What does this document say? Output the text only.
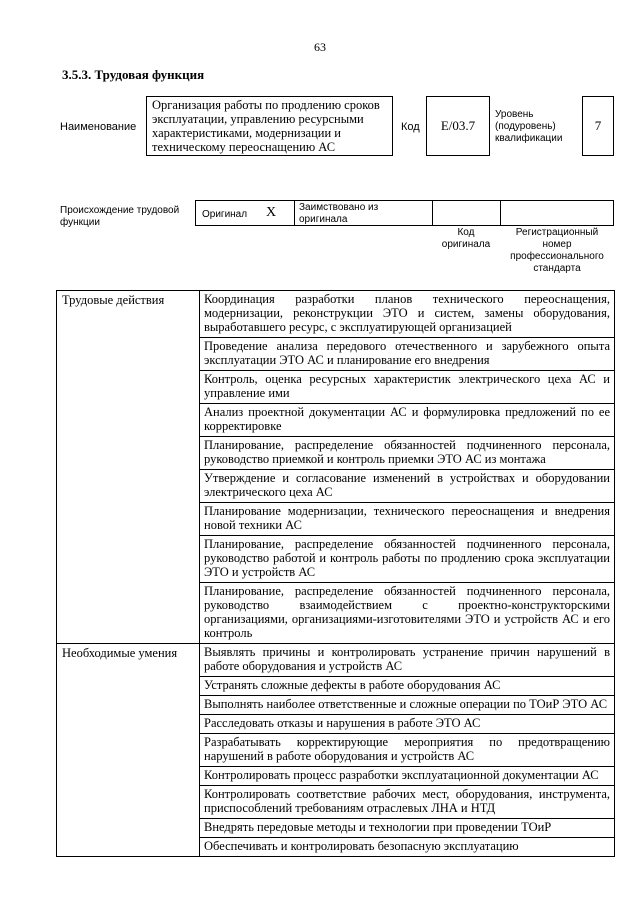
63
3.5.3. Трудовая функция
Наименование
Организация работы по продлению сроков
эксплуатации, управлению ресурсными
характеристиками, модернизации и
техническому переоснащению АС
Код	E/03.7
Уровень
(подуровень)
квалификации
7
Происхождение трудовой
функции
Оригинал X Заимствовано из
оригинала
Код
оригинала
Регистрационный
номер
профессионального
стандарта
Трудовые действия	Координация разработки планов технического переоснащения, модернизации, реконструкции ЭТО и систем, замены оборудования, выработавшего ресурс, с эксплуатирующей организацией
	Проведение анализа передового отечественного и зарубежного опыта эксплуатации ЭТО АС и планирование его внедрения
	Контроль, оценка ресурсных характеристик электрического цеха АС и управление ими
	Анализ проектной документации АС и формулировка предложений по ее корректировке
	Планирование, распределение обязанностей подчиненного персонала, руководство приемкой и контроль приемки ЭТО АС из монтажа
	Утверждение и согласование изменений в устройствах и оборудовании электрического цеха АС
	Планирование модернизации, технического переоснащения и внедрения новой техники АС
	Планирование, распределение обязанностей подчиненного персонала, руководство работой и контроль работы по продлению срока эксплуатации ЭТО и устройств АС
	Планирование, распределение обязанностей подчиненного персонала, руководство взаимодействием с проектно-конструкторскими организациями, организациями-изготовителями ЭТО и устройств АС и его контроль
Необходимые умения	Выявлять причины и контролировать устранение причин нарушений в работе оборудования и устройств АС
	Устранять сложные дефекты в работе оборудования АС
	Выполнять наиболее ответственные и сложные операции по ТОиР ЭТО АС
	Расследовать отказы и нарушения в работе ЭТО АС
	Разрабатывать корректирующие мероприятия по предотвращению нарушений в работе оборудования и устройств АС
	Контролировать процесс разработки эксплуатационной документации АС
	Контролировать соответствие рабочих мест, оборудования, инструмента, приспособлений требованиям отраслевых ЛНА и НТД
	Внедрять передовые методы и технологии при проведении ТОиР
	Обеспечивать и контролировать безопасную эксплуатацию
